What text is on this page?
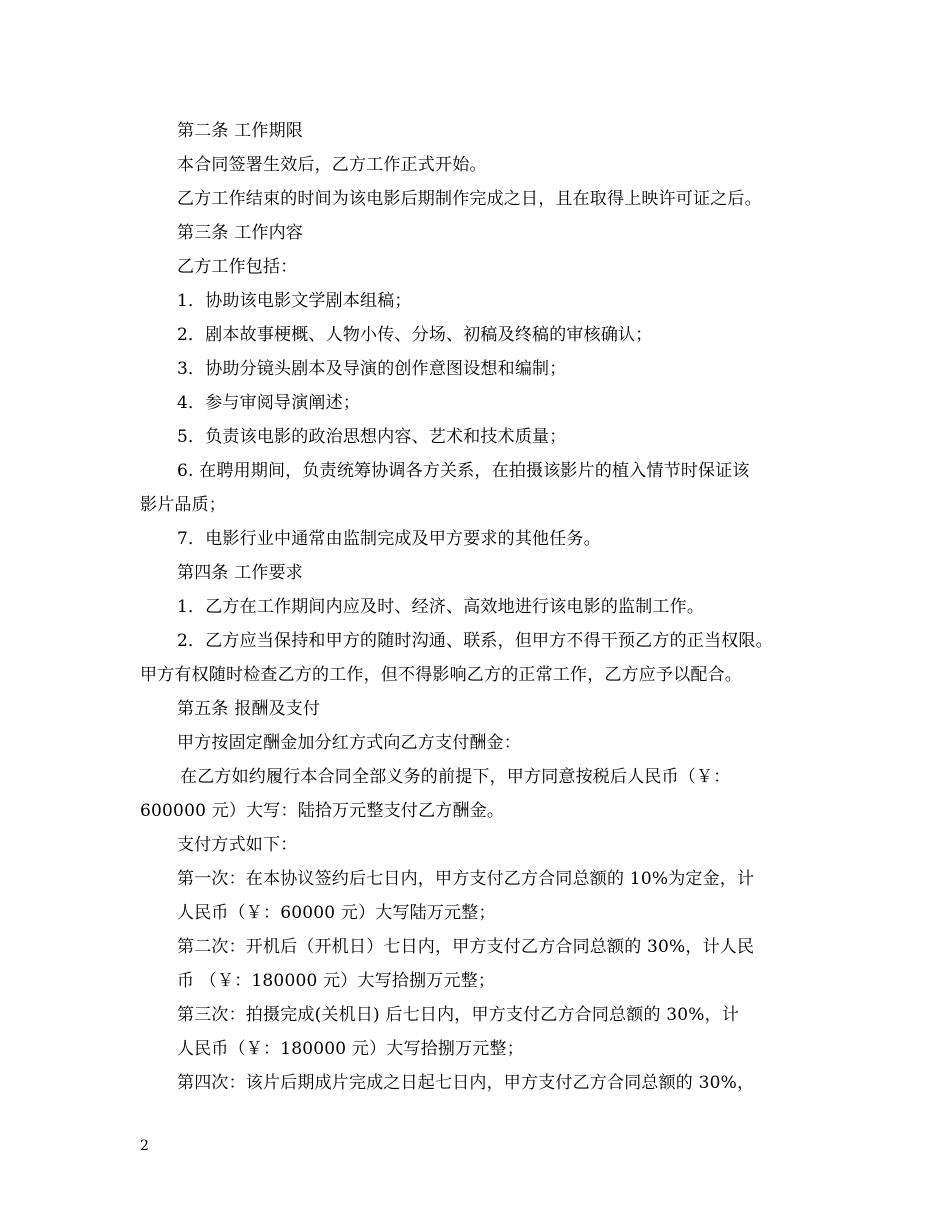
第二条 工作期限
本合同签署生效后，乙方工作正式开始。
乙方工作结束的时间为该电影后期制作完成之日，且在取得上映许可证之后。
第三条 工作内容
乙方工作包括：
1．协助该电影文学剧本组稿；
2．剧本故事梗概、人物小传、分场、初稿及终稿的审核确认；
3．协助分镜头剧本及导演的创作意图设想和编制；
4．参与审阅导演阐述；
5．负责该电影的政治思想内容、艺术和技术质量；
6. 在聘用期间，负责统筹协调各方关系，在拍摄该影片的植入情节时保证该
影片品质；
7．电影行业中通常由监制完成及甲方要求的其他任务。
第四条 工作要求
1．乙方在工作期间内应及时、经济、高效地进行该电影的监制工作。
2．乙方应当保持和甲方的随时沟通、联系，但甲方不得干预乙方的正当权限。
甲方有权随时检查乙方的工作，但不得影响乙方的正常工作，乙方应予以配合。
第五条 报酬及支付
甲方按固定酬金加分红方式向乙方支付酬金：
在乙方如约履行本合同全部义务的前提下，甲方同意按税后人民币（￥：
600000 元）大写：陆拾万元整支付乙方酬金。
支付方式如下：
第一次：在本协议签约后七日内，甲方支付乙方合同总额的 10%为定金，计
人民币（￥：60000 元）大写陆万元整；
第二次：开机后（开机日）七日内，甲方支付乙方合同总额的 30%，计人民
币 （￥：180000 元）大写拾捌万元整；
第三次：拍摄完成(关机日) 后七日内，甲方支付乙方合同总额的 30%，计
人民币（￥：180000 元）大写拾捌万元整；
第四次：该片后期成片完成之日起七日内，甲方支付乙方合同总额的 30%，
2
